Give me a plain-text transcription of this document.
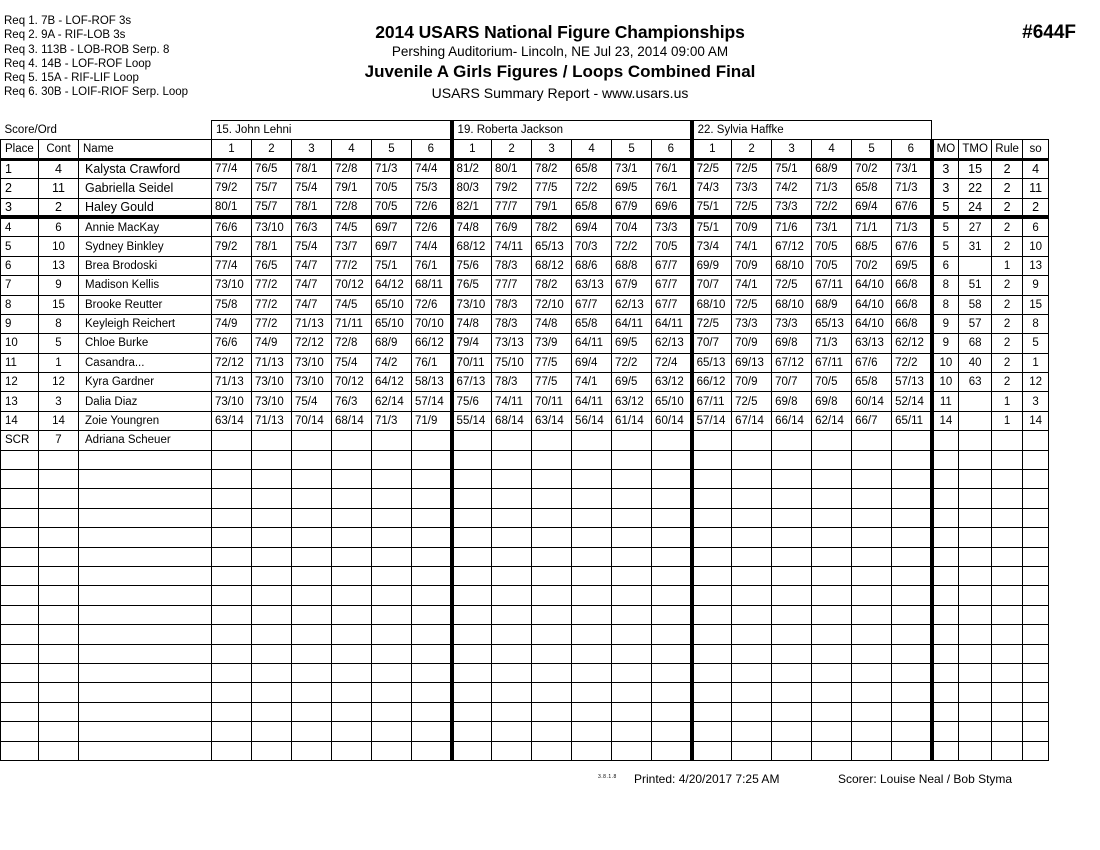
Req 1. 7B - LOF-ROF 3s
Req 2. 9A - RIF-LOB 3s
Req 3. 113B - LOB-ROB Serp. 8
Req 4. 14B - LOF-ROF Loop
Req 5. 15A - RIF-LIF Loop
Req 6. 30B - LOIF-RIOF Serp. Loop
2014 USARS National Figure Championships
Pershing Auditorium- Lincoln, NE Jul 23, 2014 09:00 AM
Juvenile A Girls Figures / Loops Combined Final
USARS Summary Report - www.usars.us
#644F
Score/Ord			15. John Lehni						19. Roberta Jackson						22. Sylvia Haffke									
Place	Cont	Name	1	2	3	4	5	6	1	2	3	4	5	6	1	2	3	4	5	6	MO	TMO	Rule	so
1	4	Kalysta Crawford	77/4	76/5	78/1	72/8	71/3	74/4	81/2	80/1	78/2	65/8	73/1	76/1	72/5	72/5	75/1	68/9	70/2	73/1	3	15	2	4
2	11	Gabriella Seidel	79/2	75/7	75/4	79/1	70/5	75/3	80/3	79/2	77/5	72/2	69/5	76/1	74/3	73/3	74/2	71/3	65/8	71/3	3	22	2	11
3	2	Haley Gould	80/1	75/7	78/1	72/8	70/5	72/6	82/1	77/7	79/1	65/8	67/9	69/6	75/1	72/5	73/3	72/2	69/4	67/6	5	24	2	2
4	6	Annie MacKay	76/6	73/10	76/3	74/5	69/7	72/6	74/8	76/9	78/2	69/4	70/4	73/3	75/1	70/9	71/6	73/1	71/1	71/3	5	27	2	6
5	10	Sydney Binkley	79/2	78/1	75/4	73/7	69/7	74/4	68/12	74/11	65/13	70/3	72/2	70/5	73/4	74/1	67/12	70/5	68/5	67/6	5	31	2	10
6	13	Brea Brodoski	77/4	76/5	74/7	77/2	75/1	76/1	75/6	78/3	68/12	68/6	68/8	67/7	69/9	70/9	68/10	70/5	70/2	69/5	6		1	13
7	9	Madison Kellis	73/10	77/2	74/7	70/12	64/12	68/11	76/5	77/7	78/2	63/13	67/9	67/7	70/7	74/1	72/5	67/11	64/10	66/8	8	51	2	9
8	15	Brooke Reutter	75/8	77/2	74/7	74/5	65/10	72/6	73/10	78/3	72/10	67/7	62/13	67/7	68/10	72/5	68/10	68/9	64/10	66/8	8	58	2	15
9	8	Keyleigh Reichert	74/9	77/2	71/13	71/11	65/10	70/10	74/8	78/3	74/8	65/8	64/11	64/11	72/5	73/3	73/3	65/13	64/10	66/8	9	57	2	8
10	5	Chloe Burke	76/6	74/9	72/12	72/8	68/9	66/12	79/4	73/13	73/9	64/11	69/5	62/13	70/7	70/9	69/8	71/3	63/13	62/12	9	68	2	5
11	1	Casandra...	72/12	71/13	73/10	75/4	74/2	76/1	70/11	75/10	77/5	69/4	72/2	72/4	65/13	69/13	67/12	67/11	67/6	72/2	10	40	2	1
12	12	Kyra Gardner	71/13	73/10	73/10	70/12	64/12	58/13	67/13	78/3	77/5	74/1	69/5	63/12	66/12	70/9	70/7	70/5	65/8	57/13	10	63	2	12
13	3	Dalia Diaz	73/10	73/10	75/4	76/3	62/14	57/14	75/6	74/11	70/11	64/11	63/12	65/10	67/11	72/5	69/8	69/8	60/14	52/14	11		1	3
14	14	Zoie Youngren	63/14	71/13	70/14	68/14	71/3	71/9	55/14	68/14	63/14	56/14	61/14	60/14	57/14	67/14	66/14	62/14	66/7	65/11	14		1	14
SCR	7	Adriana Scheuer																						

3.8.1.8 Printed: 4/20/2017 7:25 AM	Scorer: Louise Neal / Bob Styma
